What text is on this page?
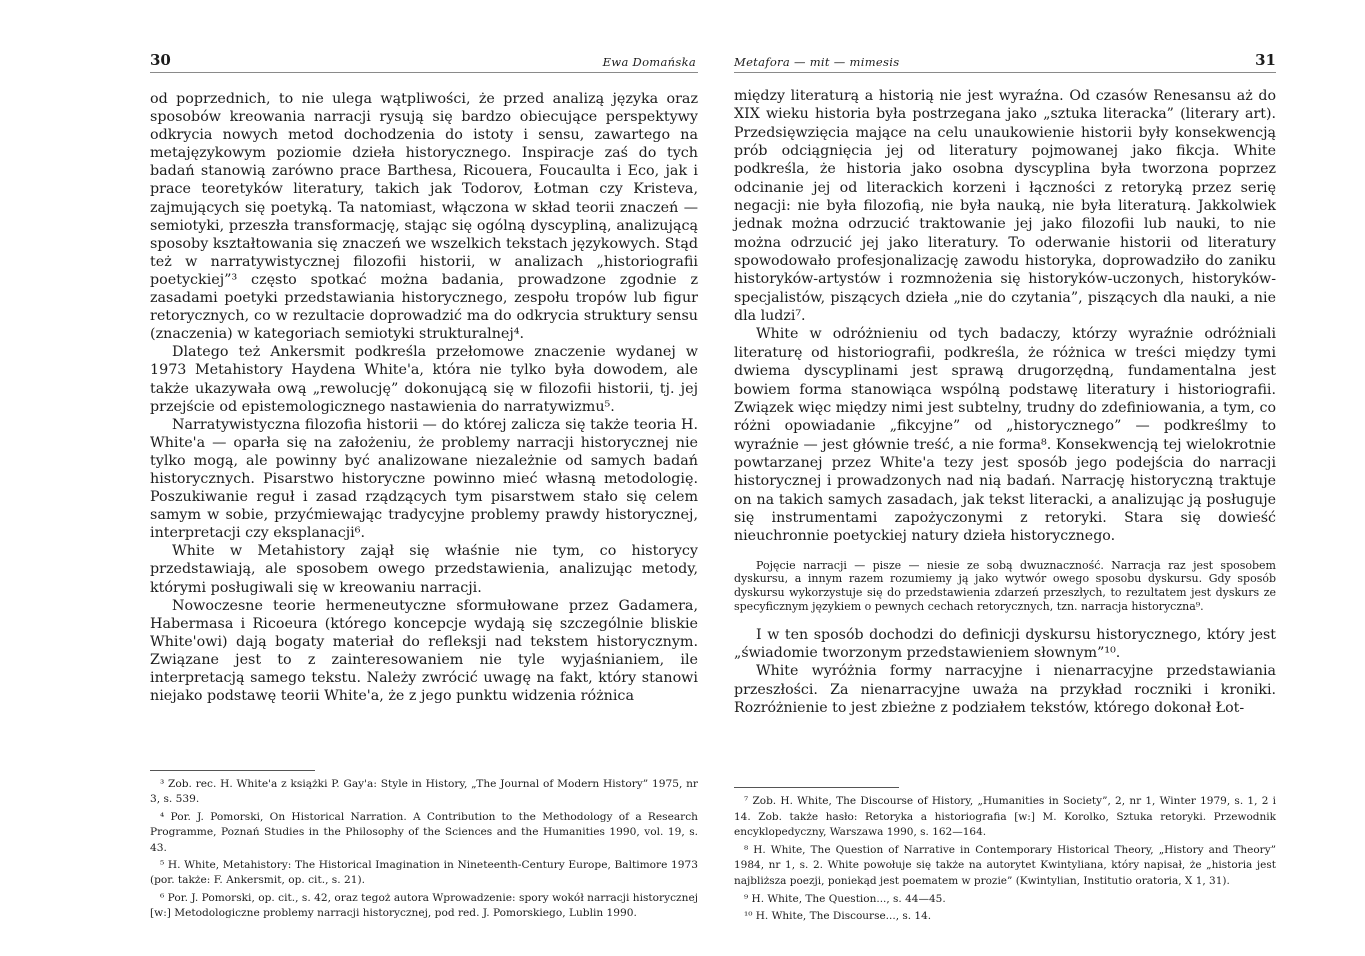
30	Ewa Domańska

od poprzednich, to nie ulega wątpliwości, że przed analizą języka oraz sposobów kreowania narracji rysują się bardzo obiecujące perspektywy odkrycia nowych metod dochodzenia do istoty i sensu, zawartego na metajęzykowym poziomie dzieła historycznego. Inspiracje zaś do tych badań stanowią zarówno prace Barthesa, Ricouera, Foucaulta i Eco, jak i prace teoretyków literatury, takich jak Todorov, Łotman czy Kristeva, zajmujących się poetyką. Ta natomiast, włączona w skład teorii znaczeń — semiotyki, przeszła transformację, stając się ogólną dyscypliną, analizującą sposoby kształtowania się znaczeń we wszelkich tekstach językowych. Stąd też w narratywistycznej filozofii historii, w analizach „historiografii poetyckiej”³ często spotkać można badania, prowadzone zgodnie z zasadami poetyki przedstawiania historycznego, zespołu tropów lub figur retorycznych, co w rezultacie doprowadzić ma do odkrycia struktury sensu (znaczenia) w kategoriach semiotyki strukturalnej⁴.

Dlatego też Ankersmit podkreśla przełomowe znaczenie wydanej w 1973 Metahistory Haydena White'a, która nie tylko była dowodem, ale także ukazywała ową „rewolucję” dokonującą się w filozofii historii, tj. jej przejście od epistemologicznego nastawienia do narratywizmu⁵.

Narratywistyczna filozofia historii — do której zalicza się także teoria H. White'a — oparła się na założeniu, że problemy narracji historycznej nie tylko mogą, ale powinny być analizowane niezależnie od samych badań historycznych. Pisarstwo historyczne powinno mieć własną metodologię. Poszukiwanie reguł i zasad rządzących tym pisarstwem stało się celem samym w sobie, przyćmiewając tradycyjne problemy prawdy historycznej, interpretacji czy eksplanacji⁶.

White w Metahistory zajął się właśnie nie tym, co historycy przedstawiają, ale sposobem owego przedstawienia, analizując metody, którymi posługiwali się w kreowaniu narracji.

Nowoczesne teorie hermeneutyczne sformułowane przez Gadamera, Habermasa i Ricoeura (którego koncepcje wydają się szczególnie bliskie White'owi) dają bogaty materiał do refleksji nad tekstem historycznym. Związane jest to z zainteresowaniem nie tyle wyjaśnianiem, ile interpretacją samego tekstu. Należy zwrócić uwagę na fakt, który stanowi niejako podstawę teorii White'a, że z jego punktu widzenia różnica

³ Zob. rec. H. White'a z książki P. Gay'a: Style in History, „The Journal of Modern History” 1975, nr 3, s. 539.

⁴ Por. J. Pomorski, On Historical Narration. A Contribution to the Methodology of a Research Programme, Poznań Studies in the Philosophy of the Sciences and the Humanities 1990, vol. 19, s. 43.

⁵ H. White, Metahistory: The Historical Imagination in Nineteenth-Century Europe, Baltimore 1973 (por. także: F. Ankersmit, op. cit., s. 21).

⁶ Por. J. Pomorski, op. cit., s. 42, oraz tegoż autora Wprowadzenie: spory wokół narracji historycznej [w:] Metodologiczne problemy narracji historycznej, pod red. J. Pomorskiego, Lublin 1990.

Metafora — mit — mimesis	31

między literaturą a historią nie jest wyraźna. Od czasów Renesansu aż do XIX wieku historia była postrzegana jako „sztuka literacka” (literary art). Przedsięwzięcia mające na celu unaukowienie historii były konsekwencją prób odciągnięcia jej od literatury pojmowanej jako fikcja. White podkreśla, że historia jako osobna dyscyplina była tworzona poprzez odcinanie jej od literackich korzeni i łączności z retoryką przez serię negacji: nie była filozofią, nie była nauką, nie była literaturą. Jakkolwiek jednak można odrzucić traktowanie jej jako filozofii lub nauki, to nie można odrzucić jej jako literatury. To oderwanie historii od literatury spowodowało profesjonalizację zawodu historyka, doprowadziło do zaniku historyków-artystów i rozmnożenia się historyków-uczonych, historyków-specjalistów, piszących dzieła „nie do czytania”, piszących dla nauki, a nie dla ludzi⁷.

White w odróżnieniu od tych badaczy, którzy wyraźnie odróżniali literaturę od historiografii, podkreśla, że różnica w treści między tymi dwiema dyscyplinami jest sprawą drugorzędną, fundamentalna jest bowiem forma stanowiąca wspólną podstawę literatury i historiografii. Związek więc między nimi jest subtelny, trudny do zdefiniowania, a tym, co różni opowiadanie „fikcyjne” od „historycznego” — podkreślmy to wyraźnie — jest głównie treść, a nie forma⁸. Konsekwencją tej wielokrotnie powtarzanej przez White'a tezy jest sposób jego podejścia do narracji historycznej i prowadzonych nad nią badań. Narrację historyczną traktuje on na takich samych zasadach, jak tekst literacki, a analizując ją posługuje się instrumentami zapożyczonymi z retoryki. Stara się dowieść nieuchronnie poetyckiej natury dzieła historycznego.

Pojęcie narracji — pisze — niesie ze sobą dwuznaczność. Narracja raz jest sposobem dyskursu, a innym razem rozumiemy ją jako wytwór owego sposobu dyskursu. Gdy sposób dyskursu wykorzystuje się do przedstawienia zdarzeń przeszłych, to rezultatem jest dyskurs ze specyficznym językiem o pewnych cechach retorycznych, tzn. narracja historyczna⁹.

I w ten sposób dochodzi do definicji dyskursu historycznego, który jest „świadomie tworzonym przedstawieniem słownym”¹⁰.

White wyróżnia formy narracyjne i nienarracyjne przedstawiania przeszłości. Za nienarracyjne uważa na przykład roczniki i kroniki. Rozróżnienie to jest zbieżne z podziałem tekstów, którego dokonał Łot-

⁷ Zob. H. White, The Discourse of History, „Humanities in Society”, 2, nr 1, Winter 1979, s. 1, 2 i 14. Zob. także hasło: Retoryka a historiografia [w:] M. Korolko, Sztuka retoryki. Przewodnik encyklopedyczny, Warszawa 1990, s. 162—164.

⁸ H. White, The Question of Narrative in Contemporary Historical Theory, „History and Theory” 1984, nr 1, s. 2. White powołuje się także na autorytet Kwintyliana, który napisał, że „historia jest najbliższa poezji, poniekąd jest poematem w prozie” (Kwintylian, Institutio oratoria, X 1, 31).

⁹ H. White, The Question..., s. 44—45.

¹⁰ H. White, The Discourse..., s. 14.
